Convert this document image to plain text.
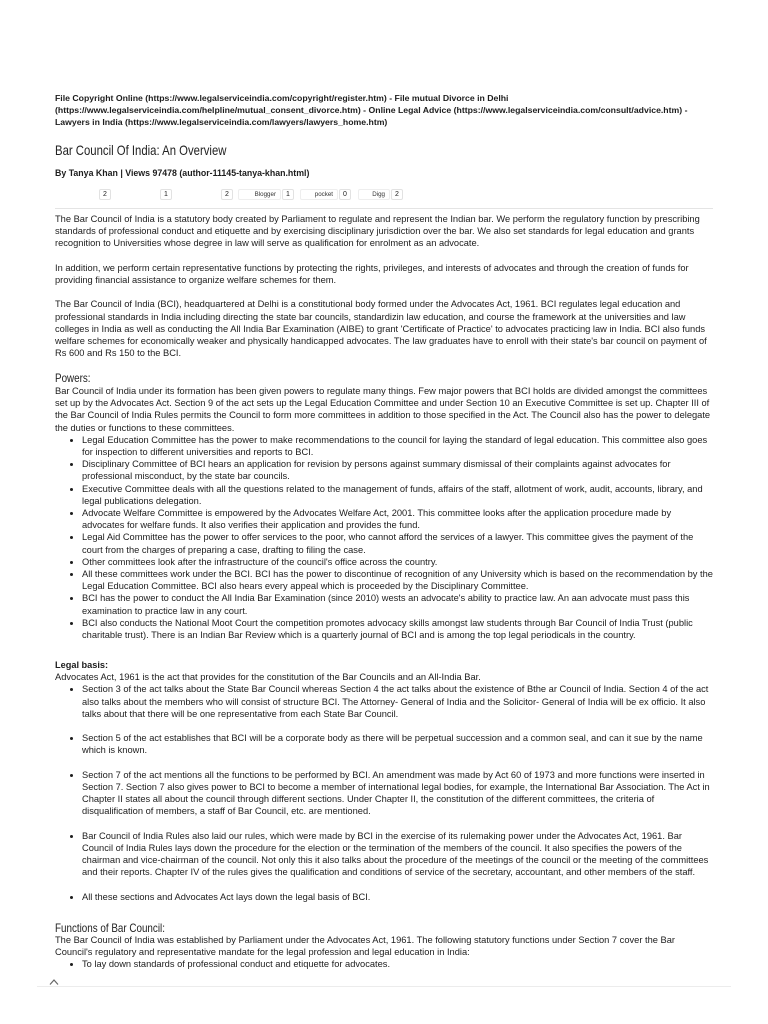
File Copyright Online (https://www.legalserviceindia.com/copyright/register.htm) - File mutual Divorce in Delhi (https://www.legalserviceindia.com/helpline/mutual_consent_divorce.htm) - Online Legal Advice (https://www.legalserviceindia.com/consult/advice.htm) - Lawyers in India (https://www.legalserviceindia.com/lawyers/lawyers_home.htm)
Bar Council Of India: An Overview
By Tanya Khan | Views 97478 (author-11145-tanya-khan.html)
2	1	2	Blogger	1	pocket	0	Digg	2

The Bar Council of India is a statutory body created by Parliament to regulate and represent the Indian bar. We perform the regulatory function by prescribing standards of professional conduct and etiquette and by exercising disciplinary jurisdiction over the bar. We also set standards for legal education and grants recognition to Universities whose degree in law will serve as qualification for enrolment as an advocate.

In addition, we perform certain representative functions by protecting the rights, privileges, and interests of advocates and through the creation of funds for providing financial assistance to organize welfare schemes for them.

The Bar Council of India (BCI), headquartered at Delhi is a constitutional body formed under the Advocates Act, 1961. BCI regulates legal education and professional standards in India including directing the state bar councils, standardizin law education, and course the framework at the universities and law colleges in India as well as conducting the All India Bar Examination (AIBE) to grant 'Certificate of Practice' to advocates practicing law in India. BCI also funds welfare schemes for economically weaker and physically handicapped advocates. The law graduates have to enroll with their state's bar council on payment of Rs 600 and Rs 150 to the BCI.

Powers:

Bar Council of India under its formation has been given powers to regulate many things. Few major powers that BCI holds are divided amongst the committees set up by the Advocates Act. Section 9 of the act sets up the Legal Education Committee and under Section 10 an Executive Committee is set up. Chapter III of the Bar Council of India Rules permits the Council to form more committees in addition to those specified in the Act. The Council also has the power to delegate the duties or functions to these committees.

• Legal Education Committee has the power to make recommendations to the council for laying the standard of legal education. This committee also goes for inspection to different universities and reports to BCI.
• Disciplinary Committee of BCI hears an application for revision by persons against summary dismissal of their complaints against advocates for professional misconduct, by the state bar councils.
• Executive Committee deals with all the questions related to the management of funds, affairs of the staff, allotment of work, audit, accounts, library, and legal publications delegation.
• Advocate Welfare Committee is empowered by the Advocates Welfare Act, 2001. This committee looks after the application procedure made by advocates for welfare funds. It also verifies their application and provides the fund.
• Legal Aid Committee has the power to offer services to the poor, who cannot afford the services of a lawyer. This committee gives the payment of the court from the charges of preparing a case, drafting to filing the case.
• Other committees look after the infrastructure of the council's office across the country.
• All these committees work under the BCI. BCI has the power to discontinue of recognition of any University which is based on the recommendation by the Legal Education Committee. BCI also hears every appeal which is proceeded by the Disciplinary Committee.
• BCI has the power to conduct the All India Bar Examination (since 2010) wests an advocate's ability to practice law. An aan advocate must pass this examination to practice law in any court.
• BCI also conducts the National Moot Court the competition promotes advocacy skills amongst law students through Bar Council of India Trust (public charitable trust). There is an Indian Bar Review which is a quarterly journal of BCI and is among the top legal periodicals in the country.
Legal basis:

Advocates Act, 1961 is the act that provides for the constitution of the Bar Councils and an All-India Bar.

• Section 3 of the act talks about the State Bar Council whereas Section 4 the act talks about the existence of Bthe ar Council of India. Section 4 of the act also talks about the members who will consist of structure BCI. The Attorney- General of India and the Solicitor- General of India will be ex officio. It also talks about that there will be one representative from each State Bar Council.
• Section 5 of the act establishes that BCI will be a corporate body as there will be perpetual succession and a common seal, and can it sue by the name which is known.
• Section 7 of the act mentions all the functions to be performed by BCI. An amendment was made by Act 60 of 1973 and more functions were inserted in Section 7. Section 7 also gives power to BCI to become a member of international legal bodies, for example, the International Bar Association. The Act in Chapter II states all about the council through different sections. Under Chapter II, the constitution of the different committees, the criteria of disqualification of members, a staff of Bar Council, etc. are mentioned.
• Bar Council of India Rules also laid our rules, which were made by BCI in the exercise of its rulemaking power under the Advocates Act, 1961. Bar Council of India Rules lays down the procedure for the election or the termination of the members of the council. It also specifies the powers of the chairman and vice-chairman of the council. Not only this it also talks about the procedure of the meetings of the council or the meeting of the committees and their reports. Chapter IV of the rules gives the qualification and conditions of service of the secretary, accountant, and other members of the staff.
• All these sections and Advocates Act lays down the legal basis of BCI.
Functions of Bar Council:

The Bar Council of India was established by Parliament under the Advocates Act, 1961. The following statutory functions under Section 7 cover the Bar Council's regulatory and representative mandate for the legal profession and legal education in India:

• To lay down standards of professional conduct and etiquette for advocates.
